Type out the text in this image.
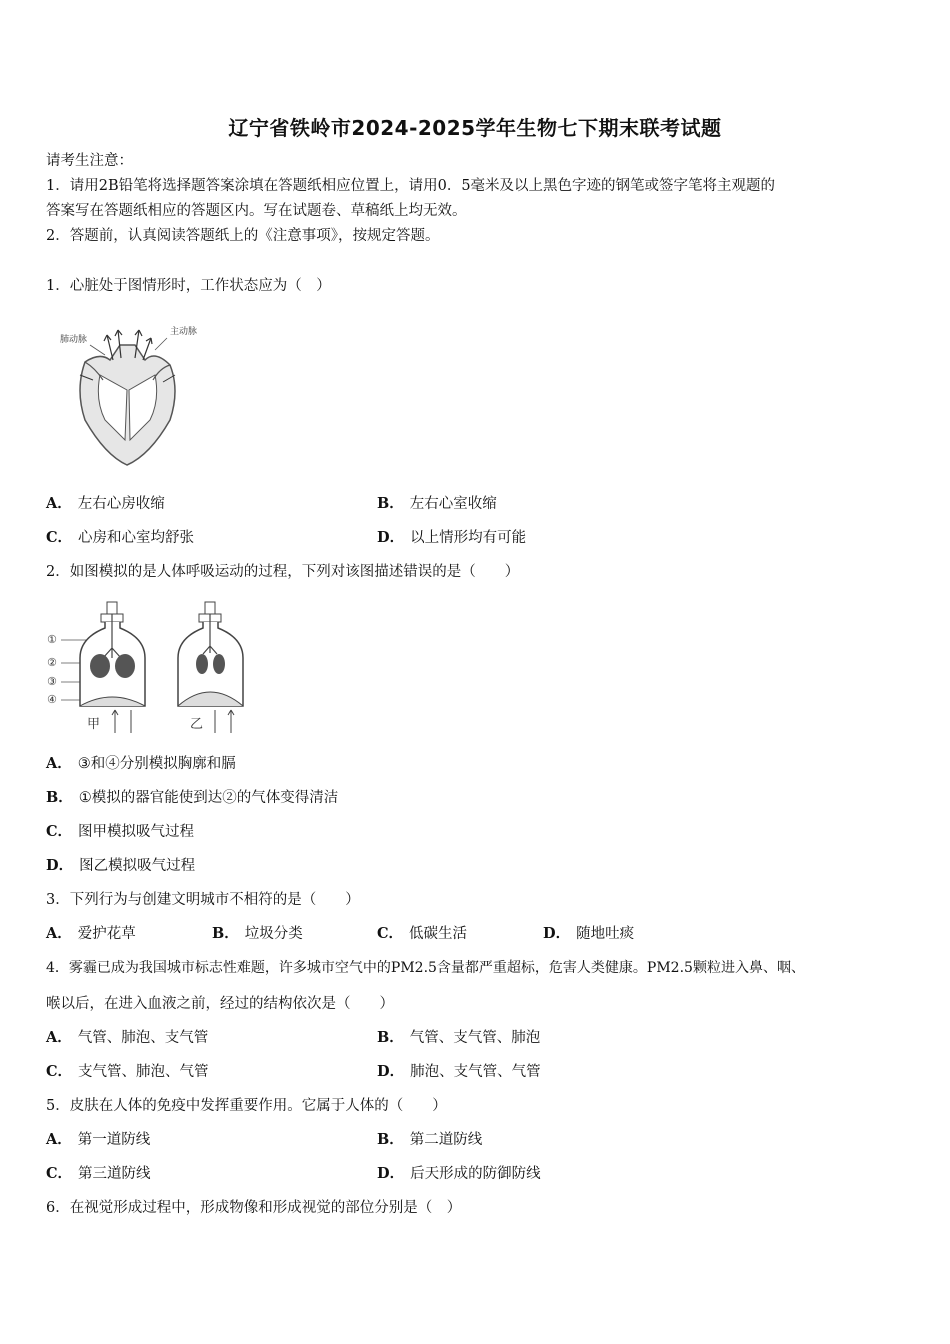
辽宁省铁岭市2024-2025学年生物七下期末联考试题
请考生注意：
1．请用2B铅笔将选择题答案涂填在答题纸相应位置上，请用0．5毫米及以上黑色字迹的钢笔或签字笔将主观题的
答案写在答题纸相应的答题区内。写在试题卷、草稿纸上均无效。
2．答题前，认真阅读答题纸上的《注意事项》，按规定答题。
1．心脏处于图情形时，工作状态应为（　）
肺动脉
主动脉
A． 左右心房收缩	B． 左右心室收缩
C． 心房和心室均舒张	D． 以上情形均有可能
2．如图模拟的是人体呼吸运动的过程，下列对该图描述错误的是（　　）
①
②
③
④
甲	乙
A． ③和④分别模拟胸廓和膈
B． ①模拟的器官能使到达②的气体变得清洁
C． 图甲模拟吸气过程
D． 图乙模拟吸气过程
3．下列行为与创建文明城市不相符的是（　　）
A． 爱护花草	B． 垃圾分类	C． 低碳生活	D． 随地吐痰
4．雾霾已成为我国城市标志性难题，许多城市空气中的PM2.5含量都严重超标，危害人类健康。PM2.5颗粒进入鼻、咽、
喉以后，在进入血液之前，经过的结构依次是（　　）
A． 气管、肺泡、支气管	B． 气管、支气管、肺泡
C． 支气管、肺泡、气管	D． 肺泡、支气管、气管
5．皮肤在人体的免疫中发挥重要作用。它属于人体的（　　）
A． 第一道防线	B． 第二道防线
C． 第三道防线	D． 后天形成的防御防线
6．在视觉形成过程中，形成物像和形成视觉的部位分别是（　）
